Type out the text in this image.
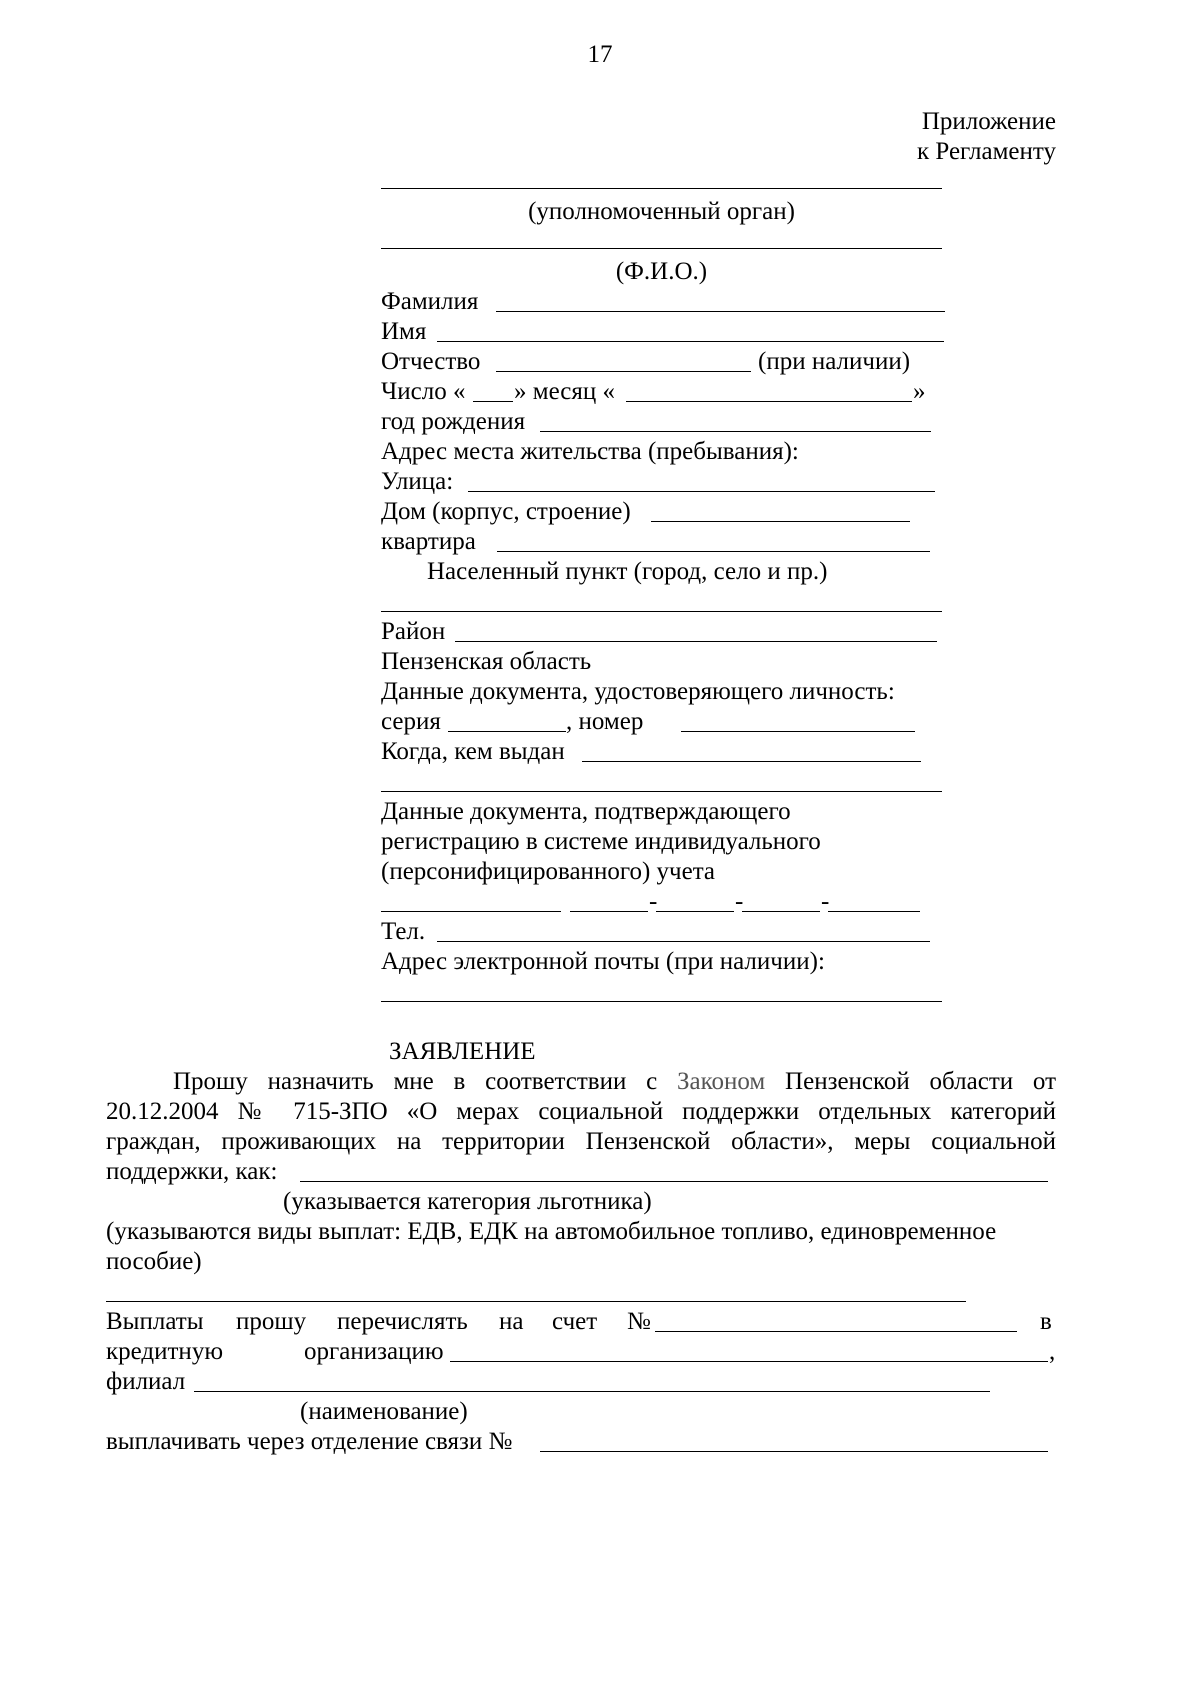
17
Приложение
к Регламенту
(уполномоченный орган)
(Ф.И.О.)
Фамилия
Имя
Отчество	(при наличии)
Число « » месяц «	»
год рождения
Адрес места жительства (пребывания):
Улица:
Дом (корпус, строение)
квартира
Населенный пункт (город, село и пр.)
Район
Пензенская область
Данные документа, удостоверяющего личность:
серия	, номер
Когда, кем выдан
Данные документа, подтверждающего
регистрацию в системе индивидуального
(персонифицированного) учета
-	-	-
Тел.
Адрес электронной почты (при наличии):
ЗАЯВЛЕНИЕ
Прошу назначить мне в соответствии с Законом Пензенской области от
20.12.2004 № 715-ЗПО «О мерах социальной поддержки отдельных категорий
граждан, проживающих на территории Пензенской области», меры социальной
поддержки, как:
(указывается категория льготника)
(указываются виды выплат: ЕДВ, ЕДК на автомобильное топливо, единовременное
пособие)
Выплаты прошу перечислять на счет №	в
кредитную	организацию	,
филиал
(наименование)
выплачивать через отделение связи №
